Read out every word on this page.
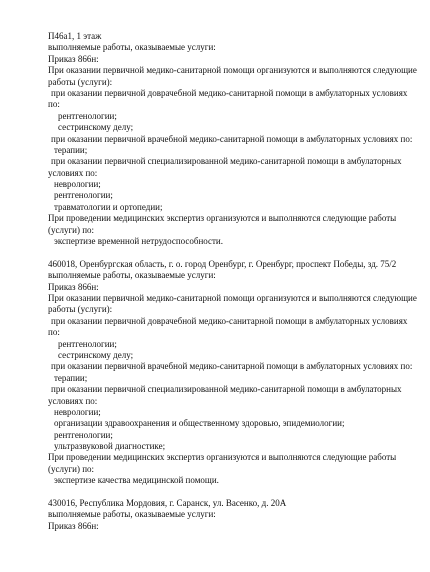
П46а1, 1 этаж
выполняемые работы, оказываемые услуги:
Приказ 866н:
При оказании первичной медико-санитарной помощи организуются и выполняются следующие
работы (услуги):
при оказании первичной доврачебной медико-санитарной помощи в амбулаторных условиях
по:
рентгенологии;
сестринскому делу;
при оказании первичной врачебной медико-санитарной помощи в амбулаторных условиях по:
терапии;
при оказании первичной специализированной медико-санитарной помощи в амбулаторных
условиях по:
неврологии;
рентгенологии;
травматологии и ортопедии;
При проведении медицинских экспертиз организуются и выполняются следующие работы
(услуги) по:
экспертизе временной нетрудоспособности.
460018, Оренбургская область, г. о. город Оренбург, г. Оренбург, проспект Победы, зд. 75/2
выполняемые работы, оказываемые услуги:
Приказ 866н:
При оказании первичной медико-санитарной помощи организуются и выполняются следующие
работы (услуги):
при оказании первичной доврачебной медико-санитарной помощи в амбулаторных условиях
по:
рентгенологии;
сестринскому делу;
при оказании первичной врачебной медико-санитарной помощи в амбулаторных условиях по:
терапии;
при оказании первичной специализированной медико-санитарной помощи в амбулаторных
условиях по:
неврологии;
организации здравоохранения и общественному здоровью, эпидемиологии;
рентгенологии;
ультразвуковой диагностике;
При проведении медицинских экспертиз организуются и выполняются следующие работы
(услуги) по:
экспертизе качества медицинской помощи.
430016, Республика Мордовия, г. Саранск, ул. Васенко, д. 20А
выполняемые работы, оказываемые услуги:
Приказ 866н:
